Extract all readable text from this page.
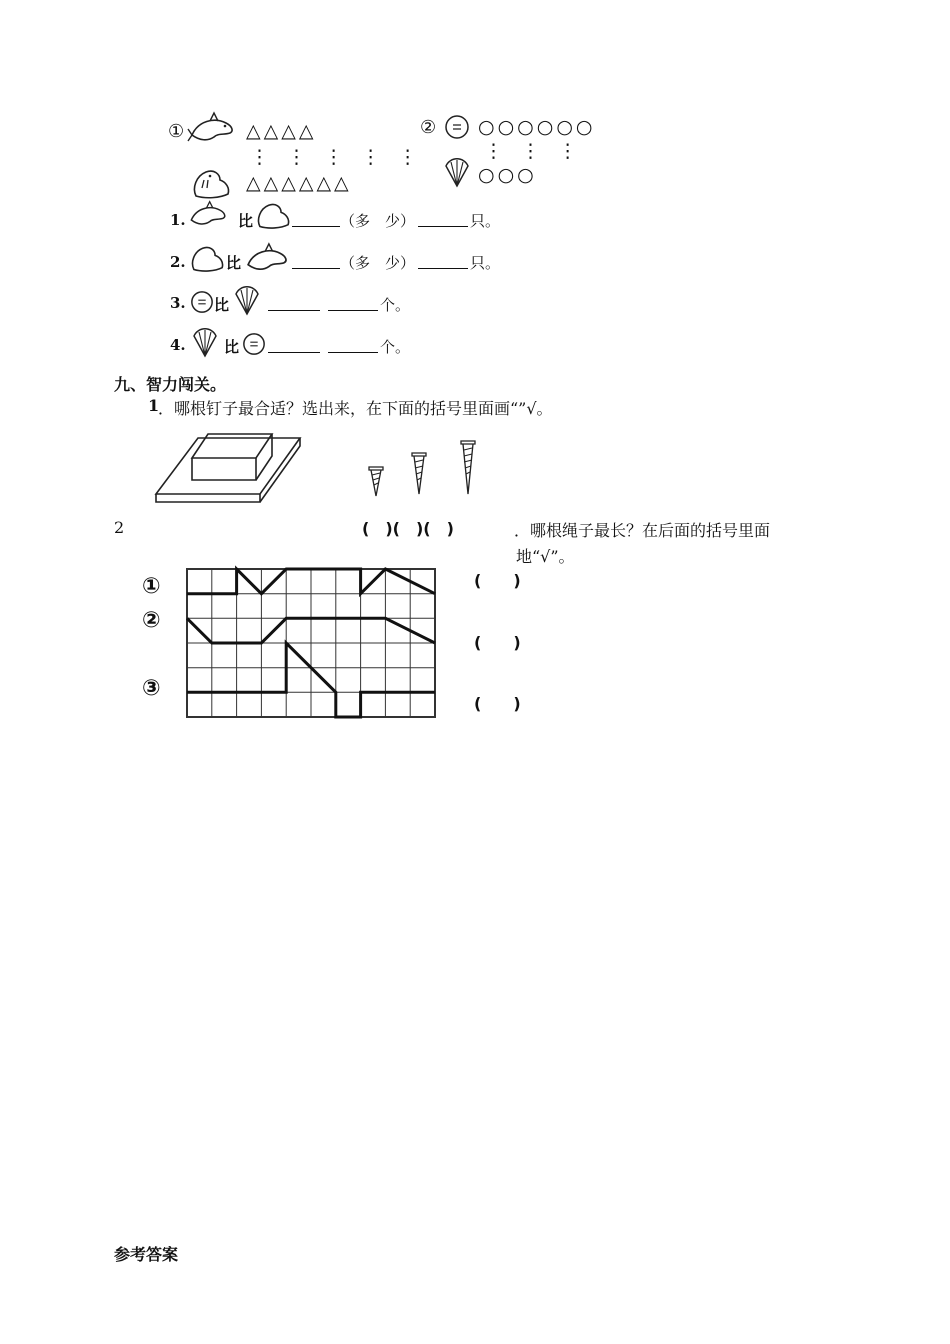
①	△△△△
⋮ ⋮ ⋮ ⋮ ⋮
△△△△△△
② ○○○○○○
⋮ ⋮ ⋮
○○○
1.	比	（多　少）	只。
2.	比	（多　少）	只。
3. 比	个。
4.	比	个。
九、智力闯关。
1
．哪根钉子最合适？选出来，在下面的括号里面画“”√。
2	(　)(　)(　)	．哪根绳子最长？在后面的括号里面
地“√”。
①
②
③
(　　)
(　　)
(　　)
参考答案
